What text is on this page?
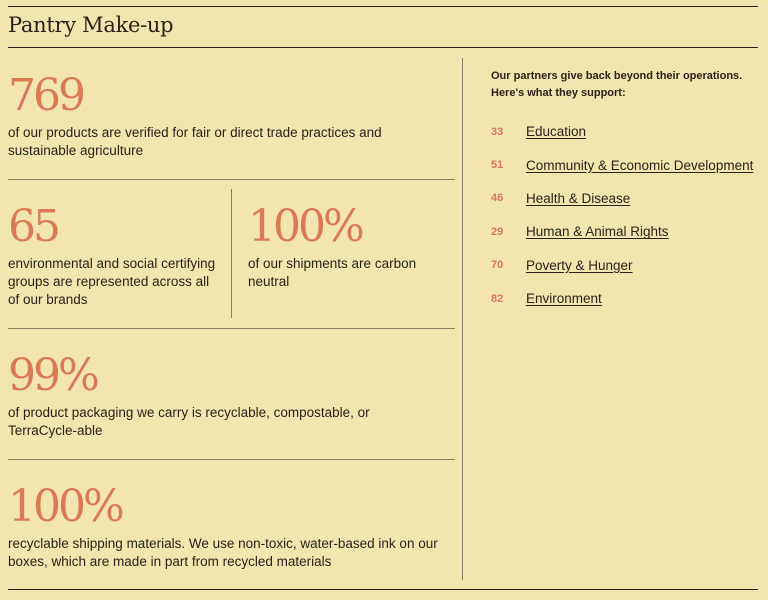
Pantry Make-up
769
of our products are verified for fair or direct trade practices and sustainable agriculture
65
environmental and social certifying groups are represented across all of our brands
100%
of our shipments are carbon neutral
99%
of product packaging we carry is recyclable, compostable, or TerraCycle-able
100%
recyclable shipping materials. We use non-toxic, water-based ink on our boxes, which are made in part from recycled materials
Our partners give back beyond their operations. Here's what they support:
33	Education
51	Community & Economic Development
46	Health & Disease
29	Human & Animal Rights
70	Poverty & Hunger
82	Environment
